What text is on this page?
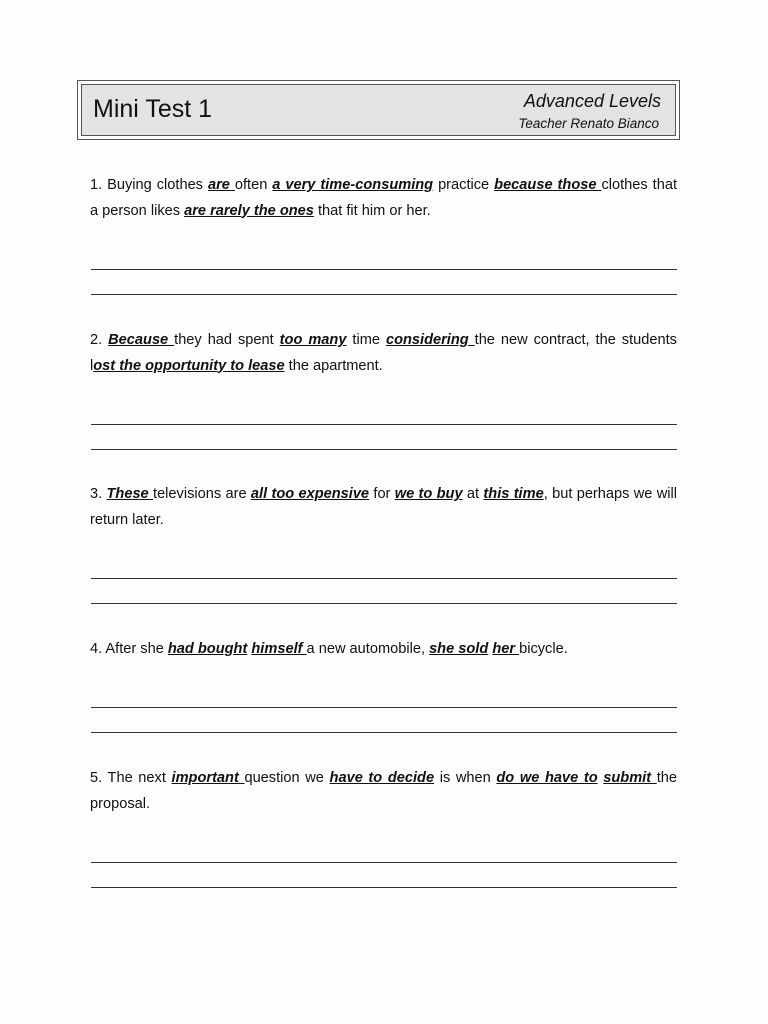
Mini Test 1	Advanced Levels
Teacher Renato Bianco
1. Buying clothes are often a very time-consuming practice because those clothes that a person likes are rarely the ones that fit him or her.
2. Because they had spent too many time considering the new contract, the students lost the opportunity to lease the apartment.
3. These televisions are all too expensive for we to buy at this time, but perhaps we will return later.
4. After she had bought himself a new automobile, she sold her bicycle.
5. The next important question we have to decide is when do we have to submit the proposal.
